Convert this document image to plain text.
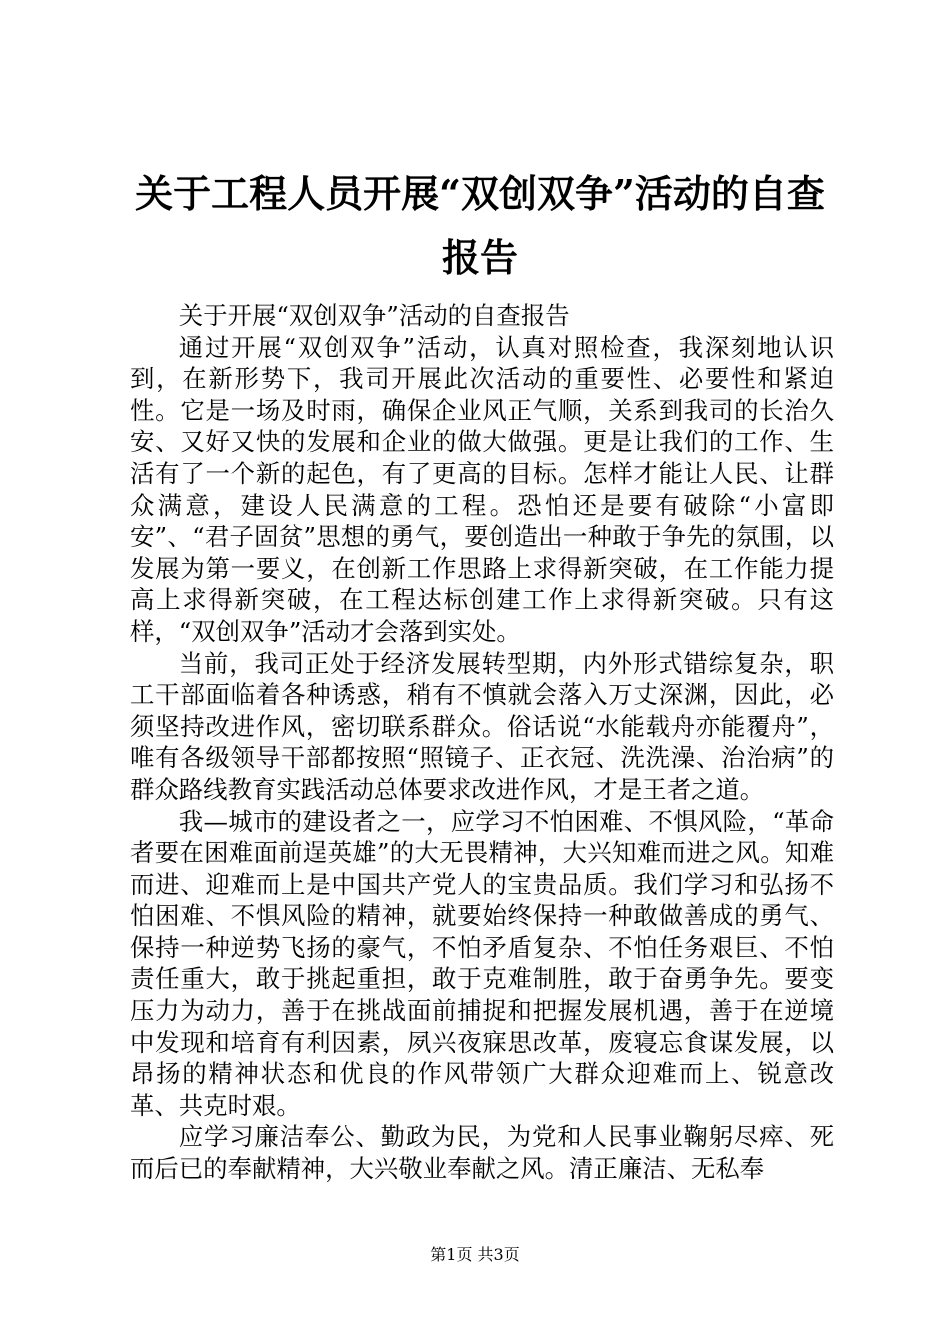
关于工程人员开展“双创双争”活动的自查报告

关于开展“双创双争”活动的自查报告

通过开展“双创双争”活动，认真对照检查，我深刻地认识到，在新形势下，我司开展此次活动的重要性、必要性和紧迫性。它是一场及时雨，确保企业风正气顺，关系到我司的长治久安、又好又快的发展和企业的做大做强。更是让我们的工作、生活有了一个新的起色，有了更高的目标。怎样才能让人民、让群众满意，建设人民满意的工程。恐怕还是要有破除“小富即安”、“君子固贫”思想的勇气，要创造出一种敢于争先的氛围，以发展为第一要义，在创新工作思路上求得新突破，在工作能力提高上求得新突破，在工程达标创建工作上求得新突破。只有这样，“双创双争”活动才会落到实处。

当前，我司正处于经济发展转型期，内外形式错综复杂，职工干部面临着各种诱惑，稍有不慎就会落入万丈深渊，因此，必须坚持改进作风，密切联系群众。俗话说“水能载舟亦能覆舟”，唯有各级领导干部都按照“照镜子、正衣冠、洗洗澡、治治病”的群众路线教育实践活动总体要求改进作风，才是王者之道。

我—城市的建设者之一，应学习不怕困难、不惧风险，“革命者要在困难面前逞英雄”的大无畏精神，大兴知难而进之风。知难而进、迎难而上是中国共产党人的宝贵品质。我们学习和弘扬不怕困难、不惧风险的精神，就要始终保持一种敢做善成的勇气、保持一种逆势飞扬的豪气，不怕矛盾复杂、不怕任务艰巨、不怕责任重大，敢于挑起重担，敢于克难制胜，敢于奋勇争先。要变压力为动力，善于在挑战面前捕捉和把握发展机遇，善于在逆境中发现和培育有利因素，夙兴夜寐思改革，废寝忘食谋发展，以昂扬的精神状态和优良的作风带领广大群众迎难而上、锐意改革、共克时艰。

应学习廉洁奉公、勤政为民，为党和人民事业鞠躬尽瘁、死而后已的奉献精神，大兴敬业奉献之风。清正廉洁、无私奉

第1页 共3页
